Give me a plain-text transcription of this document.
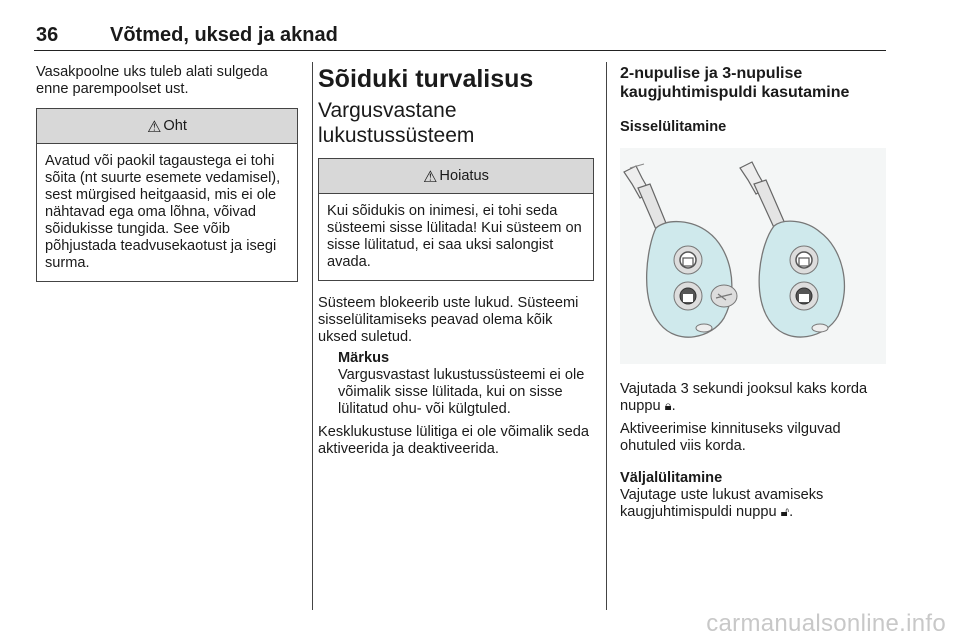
36	Võtmed, uksed ja aknad

Vasakpoolne uks tuleb alati sulgeda enne parempoolset ust.

⚠ Oht
Avatud või paokil tagaustega ei tohi sõita (nt suurte esemete vedamisel), sest mürgised heitgaasid, mis ei ole nähtavad ega oma lõhna, võivad sõidukisse tungida. See võib põhjustada teadvusekaotust ja isegi surma.
Sõiduki turvalisus
Vargusvastane lukustussüsteem
⚠ Hoiatus
Kui sõidukis on inimesi, ei tohi seda süsteemi sisse lülitada! Kui süsteem on sisse lülitatud, ei saa uksi salongist avada.

Süsteem blokeerib uste lukud. Süsteemi sisselülitamiseks peavad olema kõik uksed suletud.

Märkus

Vargusvastast lukustussüsteemi ei ole võimalik sisse lülitada, kui on sisse lülitatud ohu- või külgtuled.

Kesklukustuse lülitiga ei ole võimalik seda aktiveerida ja deaktiveerida.

2-nupulise ja 3-nupulise kaugjuhtimispuldi kasutamine
Sisselülitamine

Vajutada 3 sekundi jooksul kaks korda nuppu 🔒︎.

Aktiveerimise kinnituseks vilguvad ohutuled viis korda.

Väljalülitamine

Vajutage uste lukust avamiseks kaugjuhtimispuldi nuppu 🔓︎.

carmanualsonline.info
